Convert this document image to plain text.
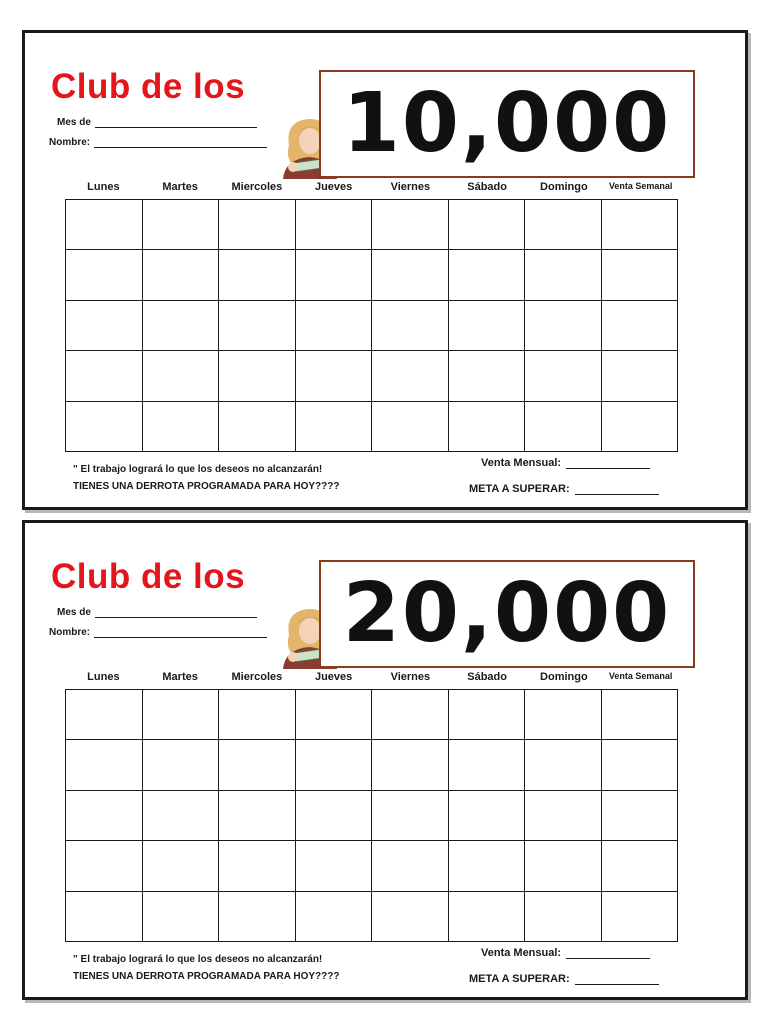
Club de los
Mes de
Nombre:	10,000
Lunes	Martes	Miercoles	Jueves	Viernes	Sábado	Domingo	Venta Semanal
" El trabajo logrará lo que los deseos no alcanzarán!
TIENES UNA DERROTA PROGRAMADA PARA HOY????
Venta Mensual:
META A SUPERAR:
Club de los
Mes de
Nombre:	20,000
Lunes	Martes	Miercoles	Jueves	Viernes	Sábado	Domingo	Venta Semanal
" El trabajo logrará lo que los deseos no alcanzarán!
TIENES UNA DERROTA PROGRAMADA PARA HOY????
Venta Mensual:
META A SUPERAR:
